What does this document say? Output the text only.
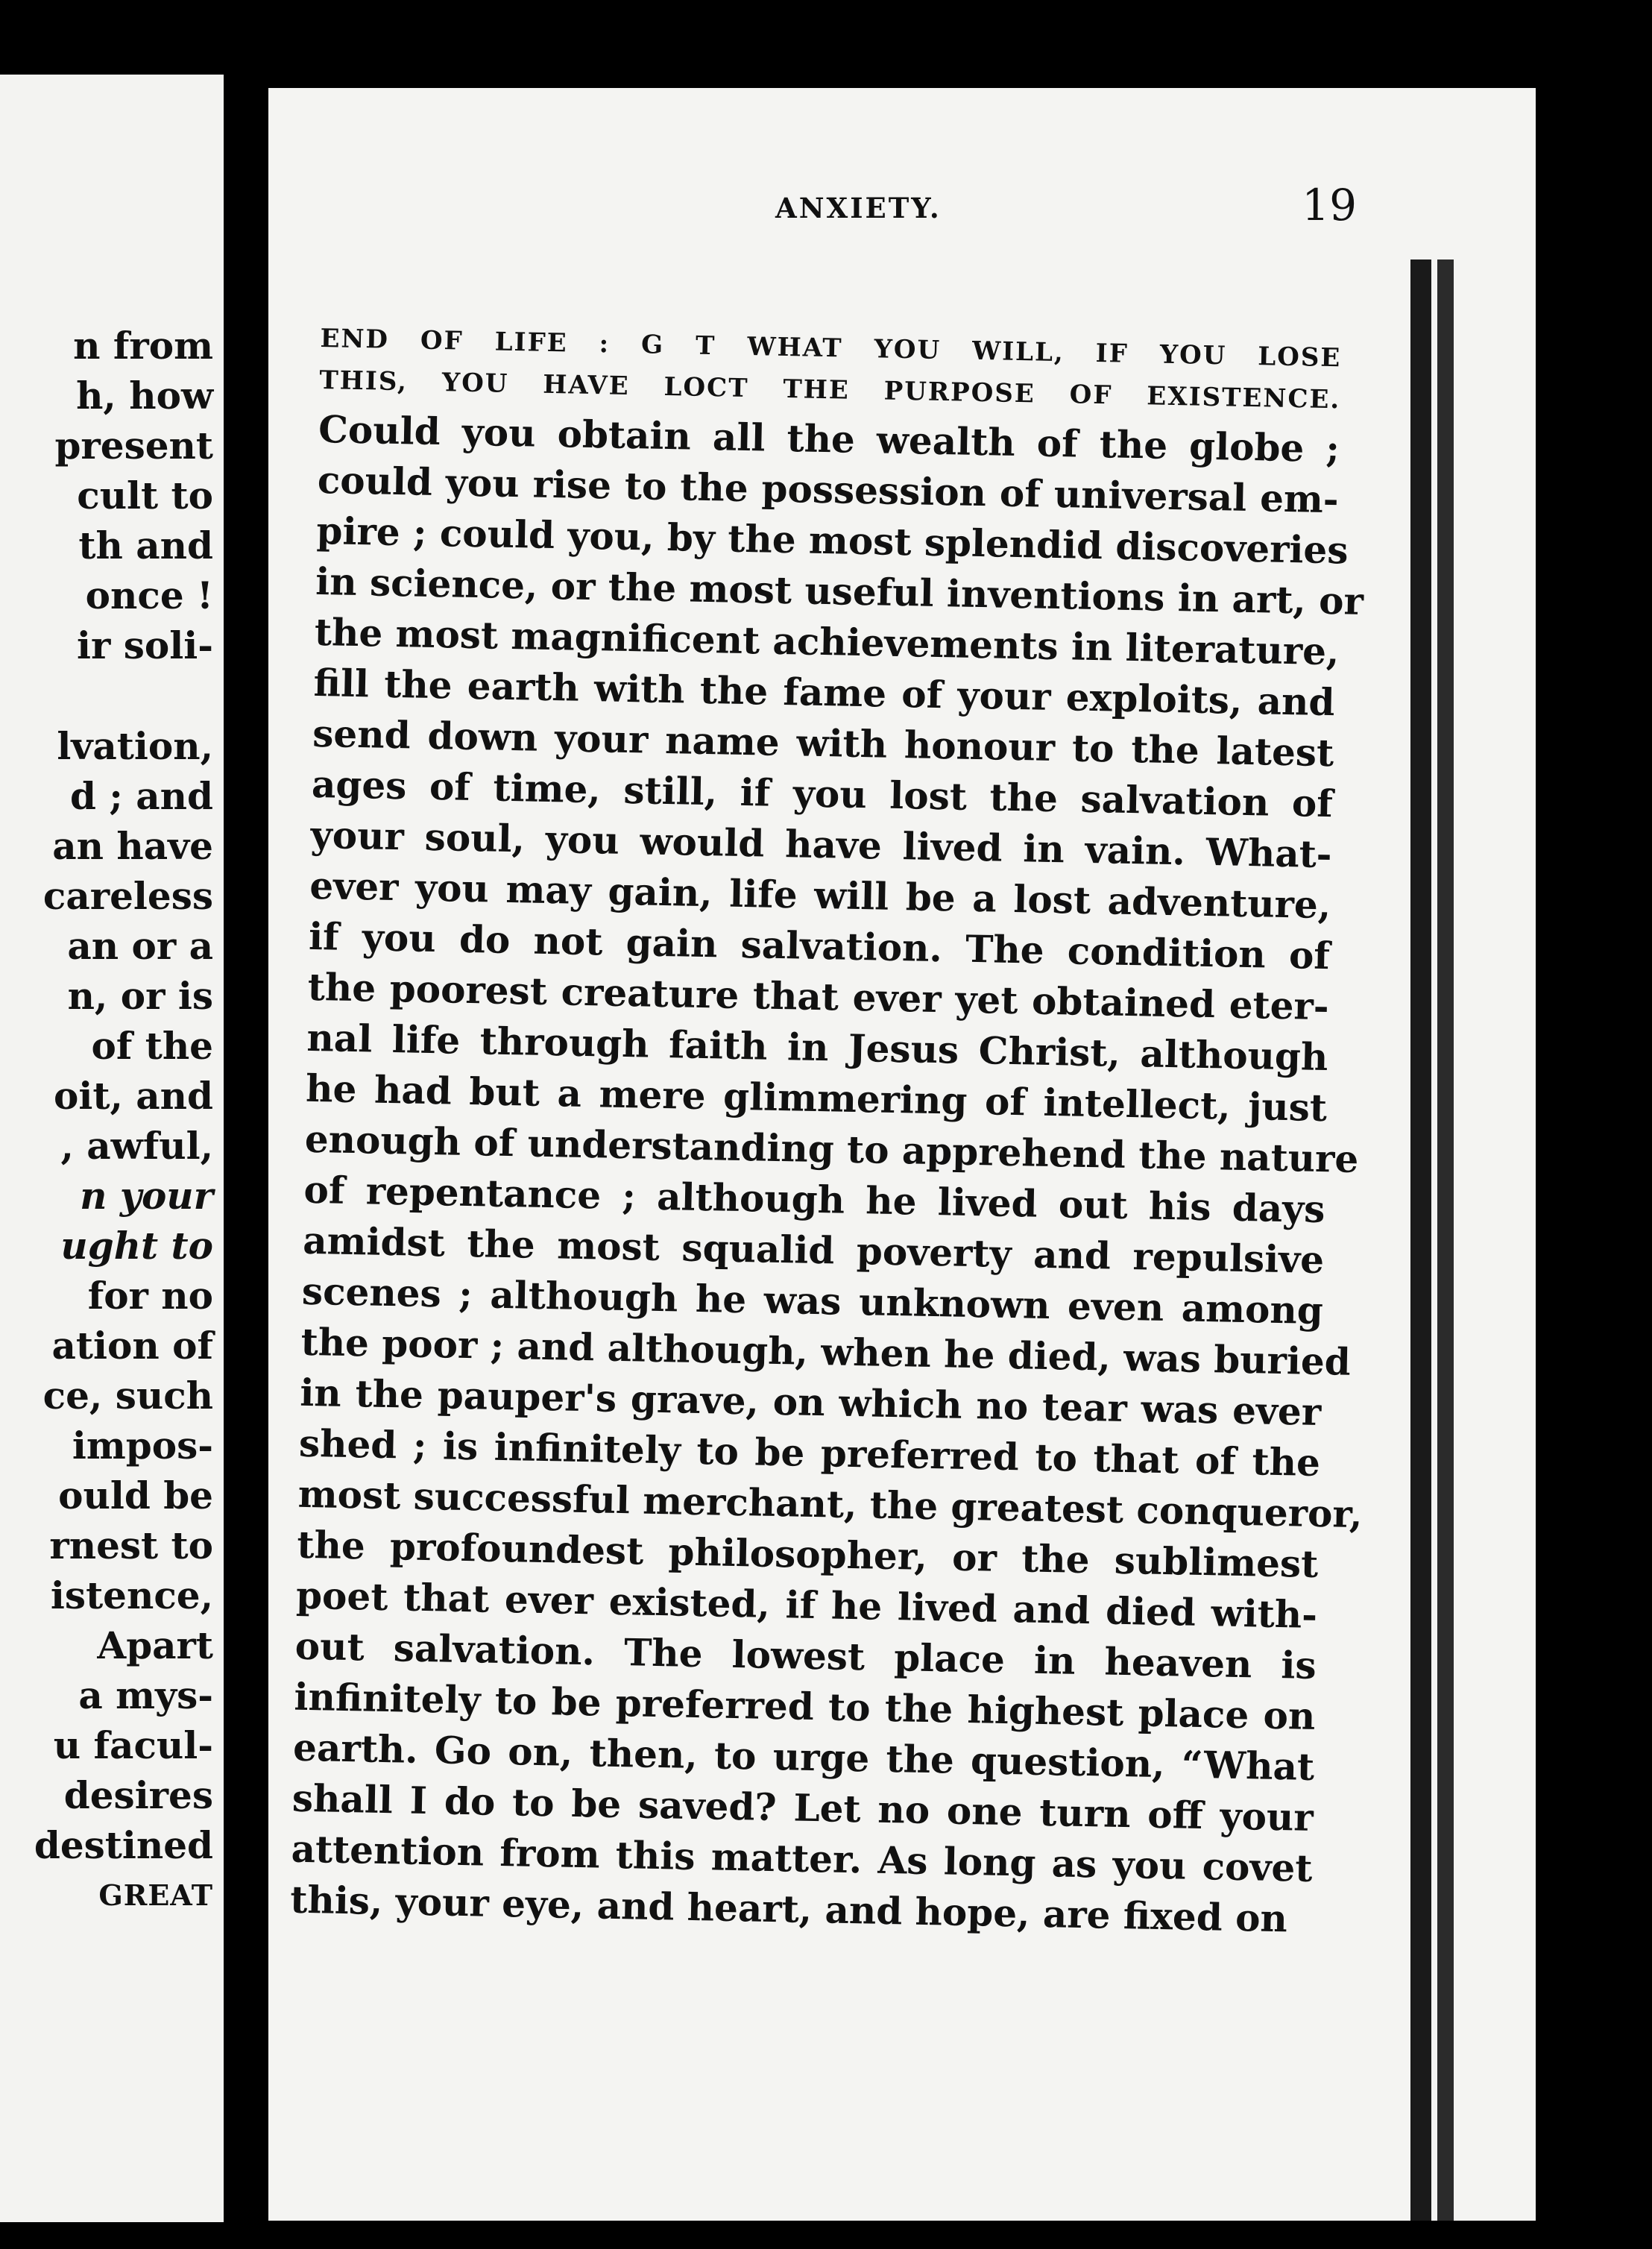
n from
h, how
present
cult to
th and
once !
ir soli-
lvation,
d ; and
an have
careless
an or a
n, or is
of the
oit, and
, awful,
n your
ught to
for no
ation of
ce, such
impos-
ould be
rnest to
istence,
Apart
a mys-
u facul-
desires
destined
GREAT
ANXIETY.	19
END OF LIFE : G T WHAT YOU WILL, IF YOU LOSE
THIS, YOU HAVE LOCT THE PURPOSE OF EXISTENCE.
Could you obtain all the wealth of the globe ;
could you rise to the possession of universal em-
pire ; could you, by the most splendid discoveries
in science, or the most useful inventions in art, or
the most magnificent achievements in literature,
fill the earth with the fame of your exploits, and
send down your name with honour to the latest
ages of time, still, if you lost the salvation of
your soul, you would have lived in vain. What-
ever you may gain, life will be a lost adventure,
if you do not gain salvation. The condition of
the poorest creature that ever yet obtained eter-
nal life through faith in Jesus Christ, although
he had but a mere glimmering of intellect, just
enough of understanding to apprehend the nature
of repentance ; although he lived out his days
amidst the most squalid poverty and repulsive
scenes ; although he was unknown even among
the poor ; and although, when he died, was buried
in the pauper's grave, on which no tear was ever
shed ; is infinitely to be preferred to that of the
most successful merchant, the greatest conqueror,
the profoundest philosopher, or the sublimest
poet that ever existed, if he lived and died with-
out salvation. The lowest place in heaven is
infinitely to be preferred to the highest place on
earth. Go on, then, to urge the question, “What
shall I do to be saved? Let no one turn off your
attention from this matter. As long as you covet
this, your eye, and heart, and hope, are fixed on
